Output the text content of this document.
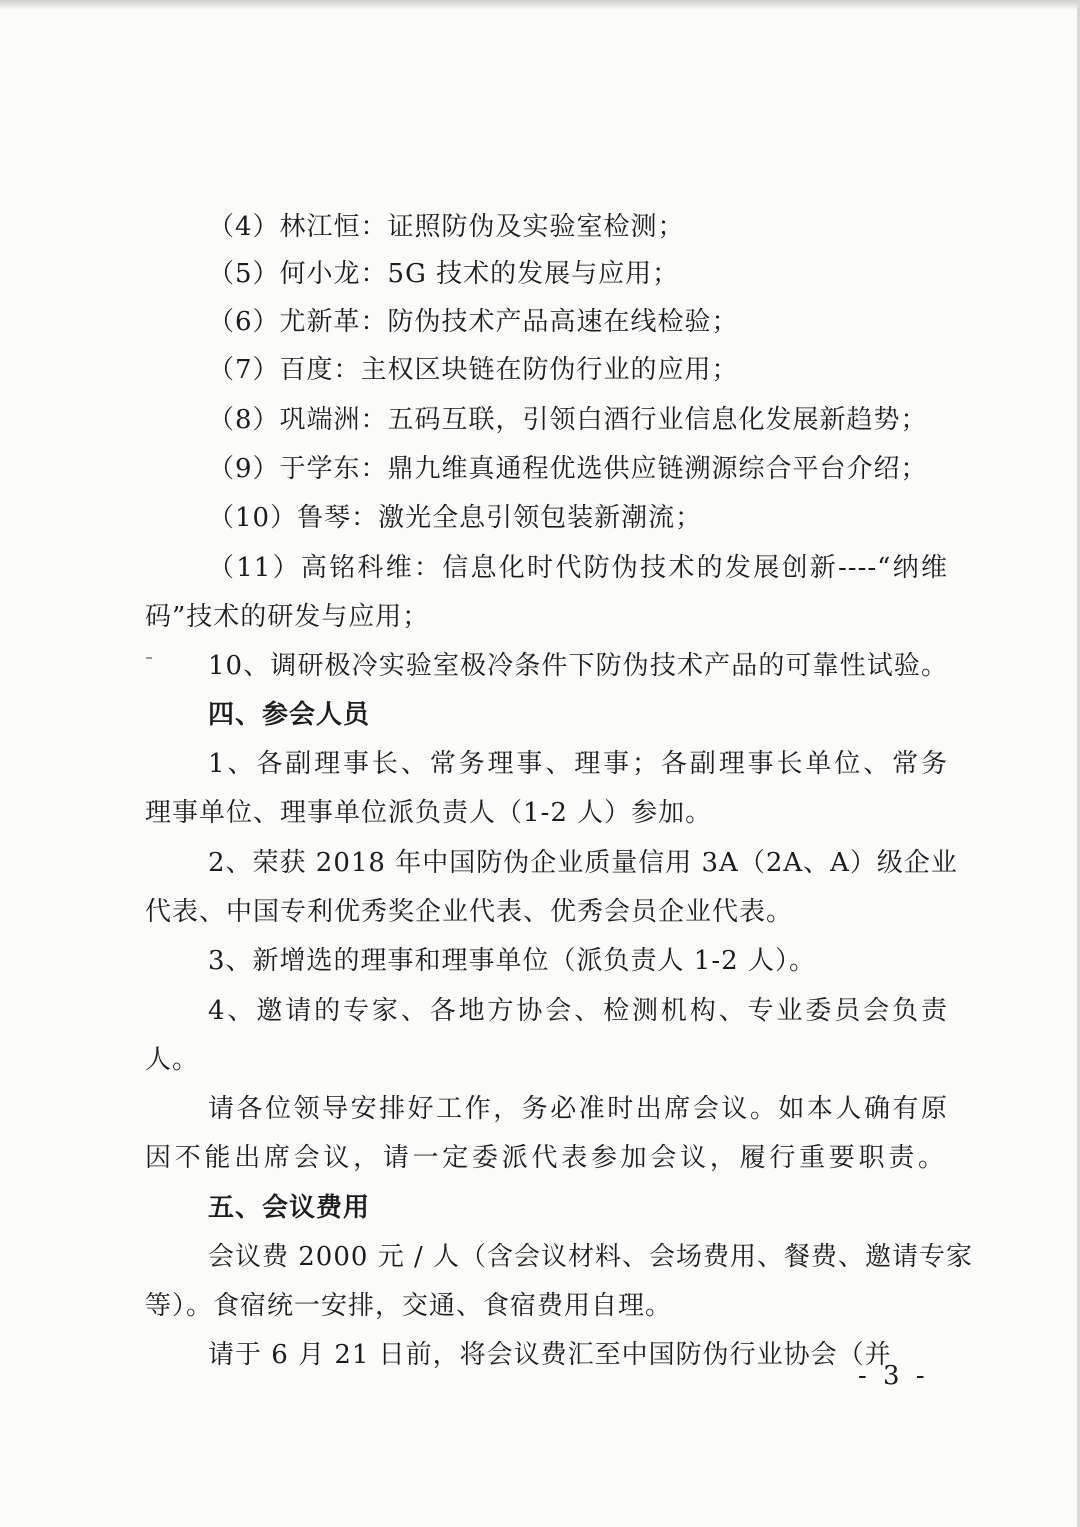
（4）林江恒：证照防伪及实验室检测；
（5）何小龙：5G 技术的发展与应用；
（6）尤新革：防伪技术产品高速在线检验；
（7）百度：主权区块链在防伪行业的应用；
（8）巩端洲：五码互联，引领白酒行业信息化发展新趋势；
（9）于学东：鼎九维真通程优选供应链溯源综合平台介绍；
（10）鲁琴：激光全息引领包装新潮流；
（11）高铭科维：信息化时代防伪技术的发展创新----“纳维
码”技术的研发与应用；
10、调研极冷实验室极冷条件下防伪技术产品的可靠性试验。
四、参会人员
1、各副理事长、常务理事、理事；各副理事长单位、常务
理事单位、理事单位派负责人（1-2 人）参加。
2、荣获 2018 年中国防伪企业质量信用 3A（2A、A）级企业
代表、中国专利优秀奖企业代表、优秀会员企业代表。
3、新增选的理事和理事单位（派负责人 1-2 人）。
4、邀请的专家、各地方协会、检测机构、专业委员会负责
人。
请各位领导安排好工作，务必准时出席会议。如本人确有原
因不能出席会议，请一定委派代表参加会议，履行重要职责。
五、会议费用
会议费 2000 元 / 人（含会议材料、会场费用、餐费、邀请专家
等）。食宿统一安排，交通、食宿费用自理。
请于 6 月 21 日前，将会议费汇至中国防伪行业协会（并
- 3 -
